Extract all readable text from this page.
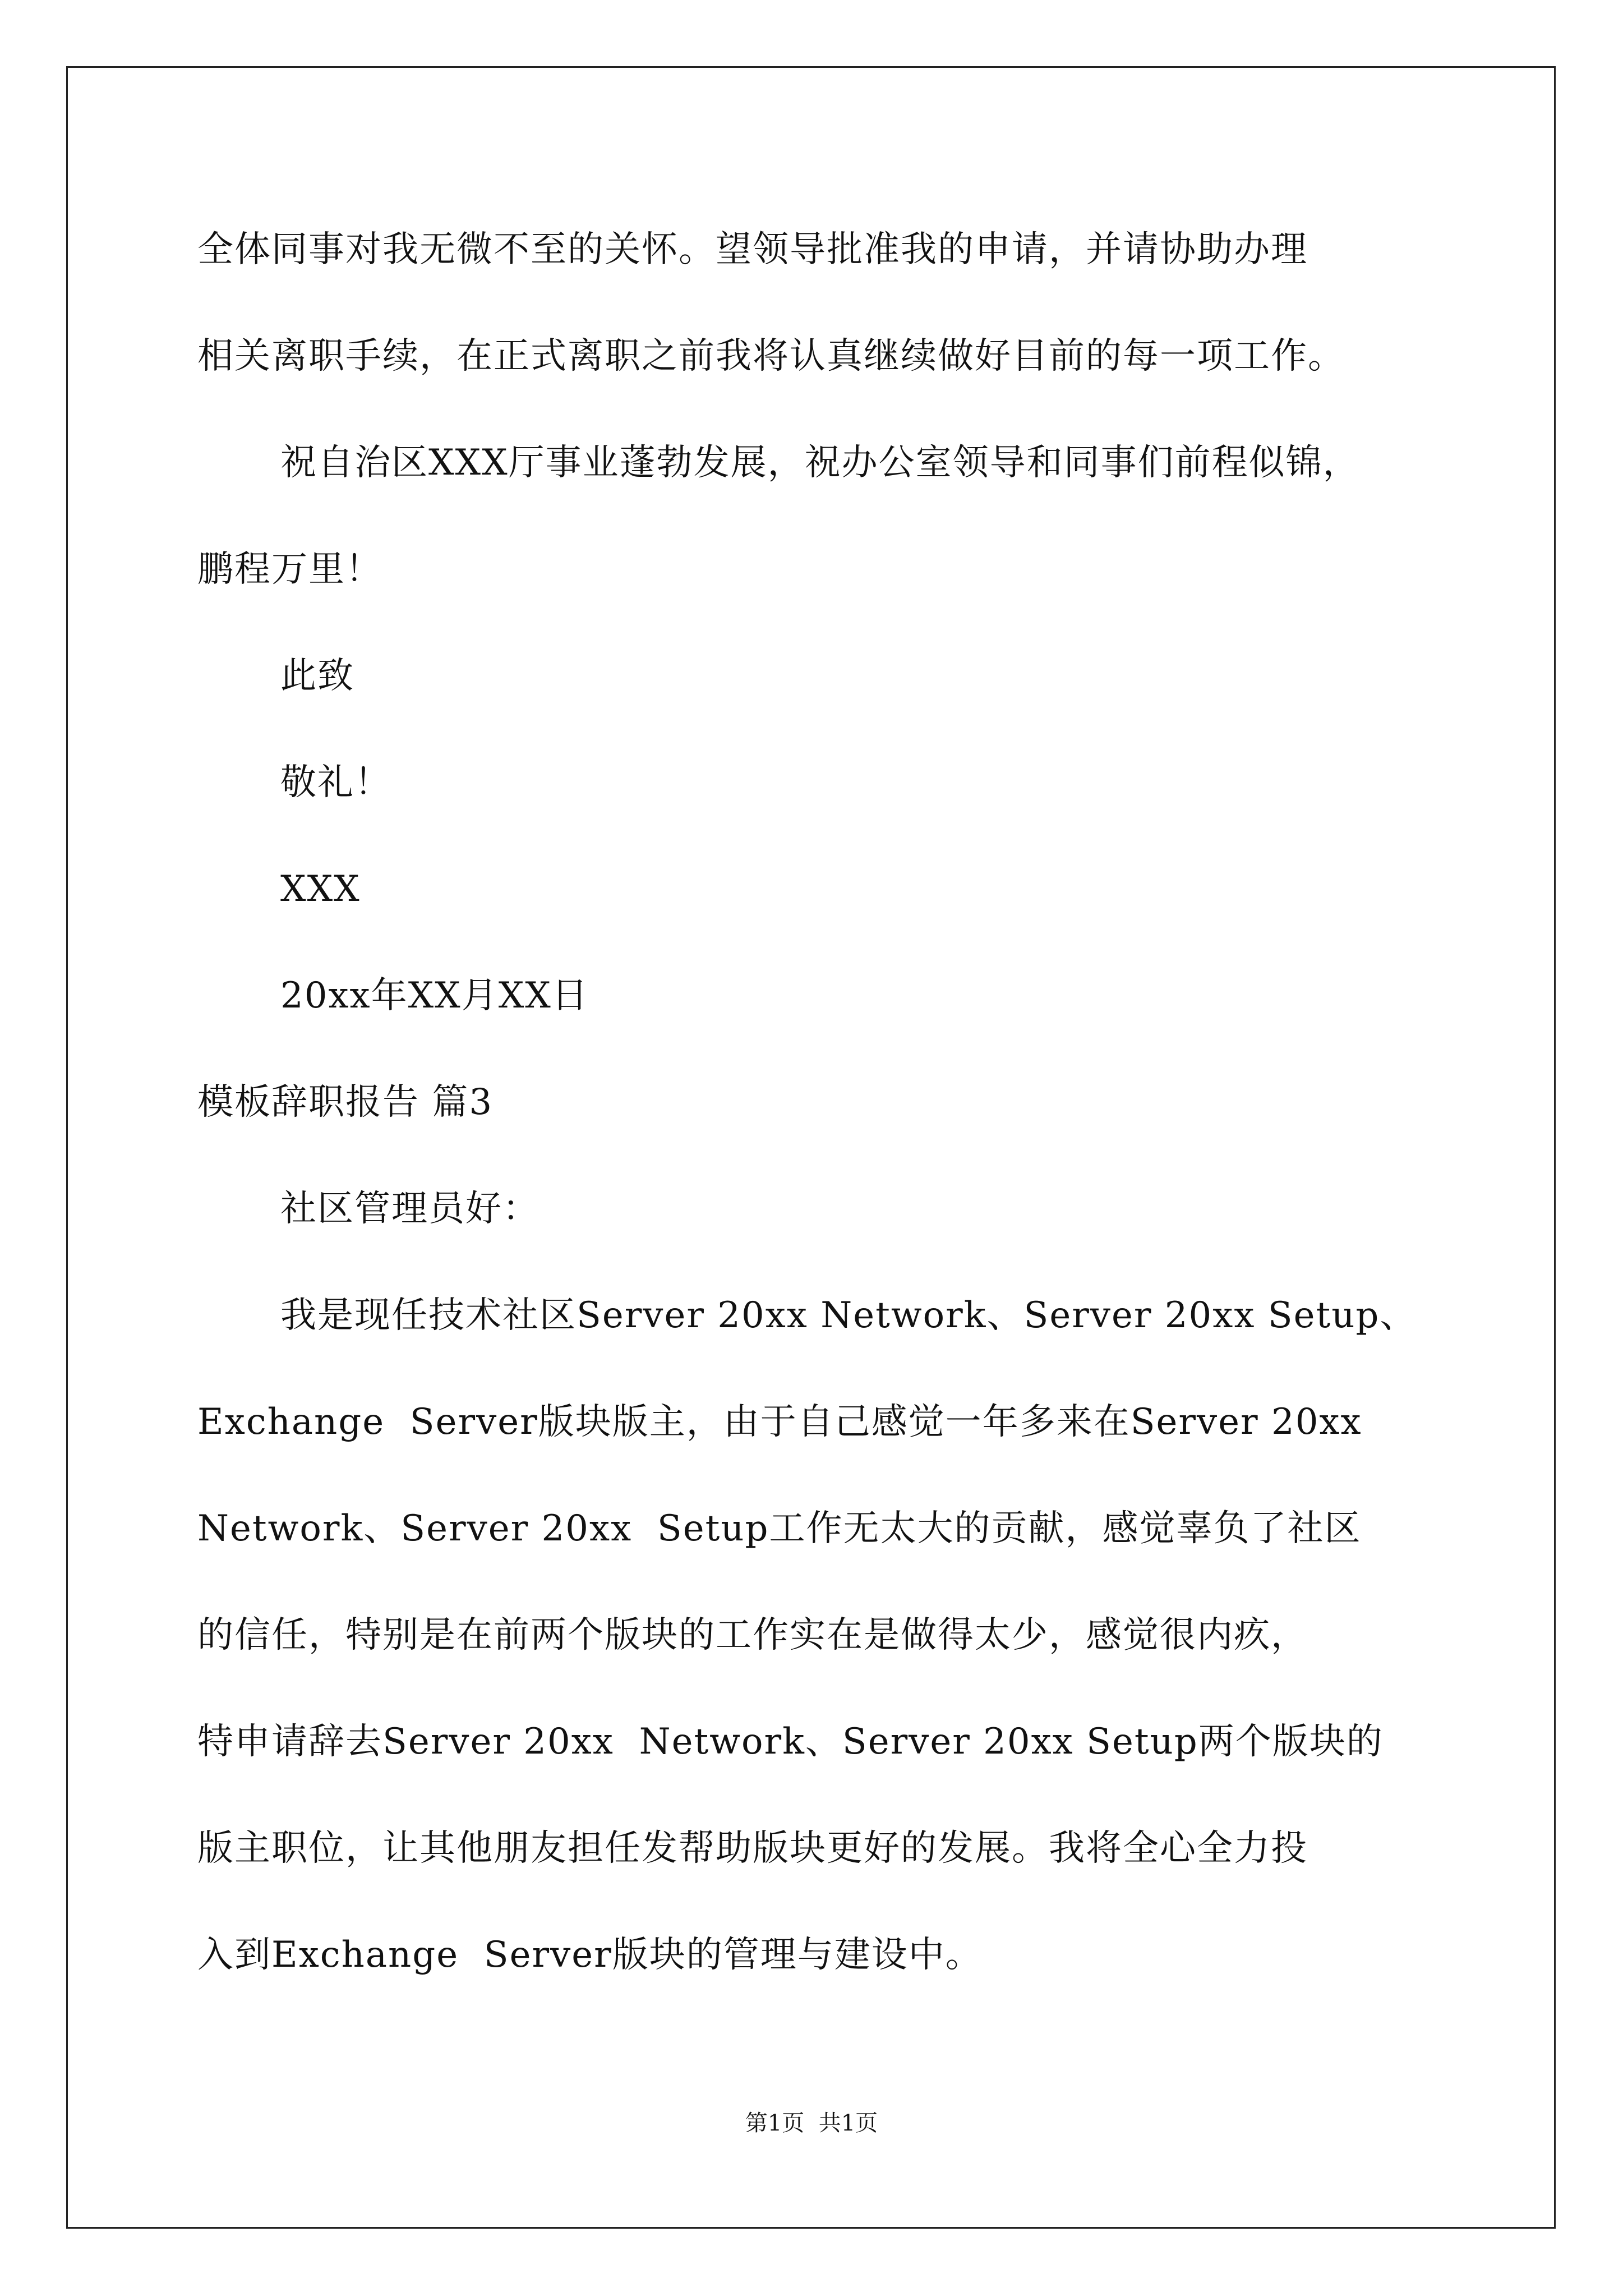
全体同事对我无微不至的关怀。望领导批准我的申请，并请协助办理
相关离职手续，在正式离职之前我将认真继续做好目前的每一项工作。
祝自治区XXX厅事业蓬勃发展，祝办公室领导和同事们前程似锦，
鹏程万里！
此致
敬礼！
XXX
20xx年XX月XX日
模板辞职报告 篇3
社区管理员好：
我是现任技术社区Server 20xx Network、Server 20xx Setup、
Exchange  Server版块版主，由于自己感觉一年多来在Server 20xx
Network、Server 20xx  Setup工作无太大的贡献，感觉辜负了社区
的信任，特别是在前两个版块的工作实在是做得太少，感觉很内疚，
特申请辞去Server 20xx  Network、Server 20xx Setup两个版块的
版主职位，让其他朋友担任发帮助版块更好的发展。我将全心全力投
入到Exchange  Server版块的管理与建设中。
第1页  共1页
